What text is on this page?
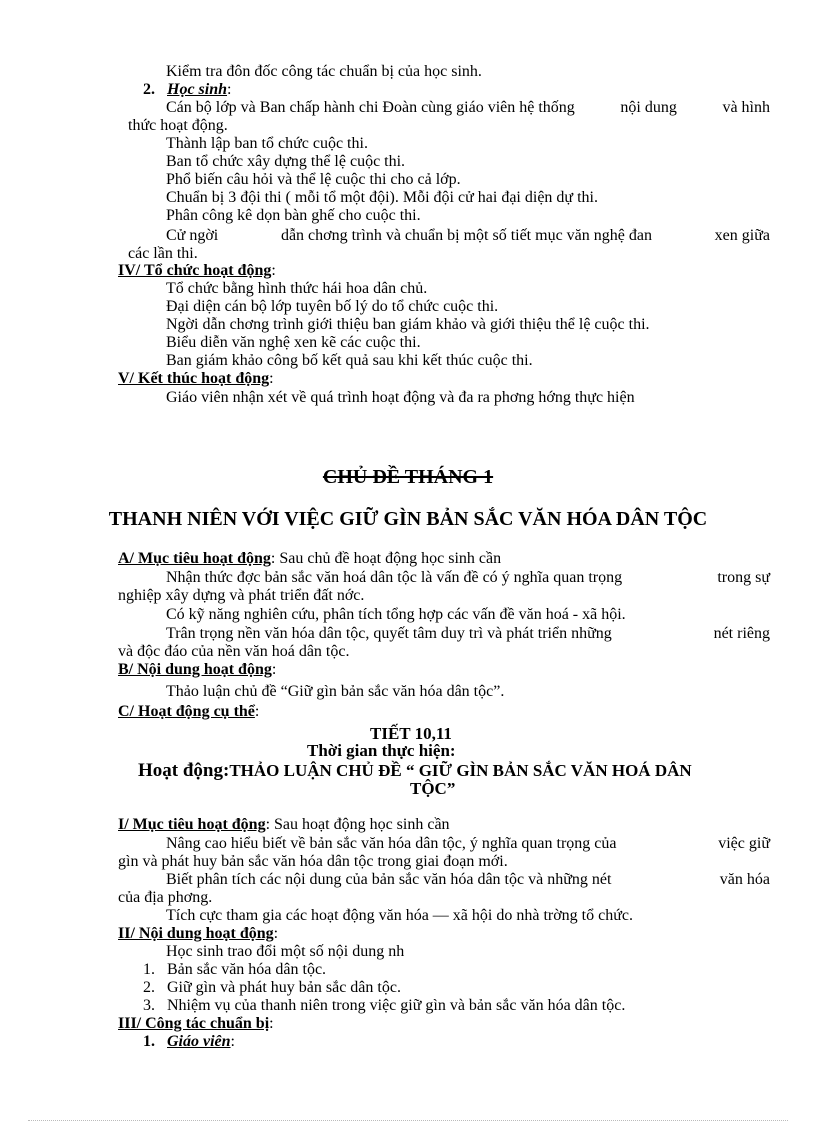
Kiểm tra đôn đốc công tác chuẩn bị của học sinh.
2. Học sinh:
Cán bộ lớp và Ban chấp hành chi Đoàn cùng giáo viên hệ thống	nội dung	và hình
thức hoạt động.
Thành lập ban tổ chức cuộc thi.
Ban tổ chức xây dựng thể lệ cuộc thi.
Phổ biến câu hỏi và thể lệ cuộc thi cho cả lớp.
Chuẩn bị 3 đội thi ( mỗi tổ một đội). Mỗi đội cử hai đại diện dự thi.
Phân công kê dọn bàn ghế cho cuộc thi.
Cử ngời	dẫn chơng trình và chuẩn bị một số tiết mục văn nghệ đan	xen giữa
các lần thi.
IV/ Tổ chức hoạt động:
Tổ chức bằng hình thức hái hoa dân chủ.
Đại diện cán bộ lớp tuyên bố lý do tổ chức cuộc thi.
Ngời dẫn chơng trình giới thiệu ban giám khảo và giới thiệu thể lệ cuộc thi.
Biểu diễn văn nghệ xen kẽ các cuộc thi.
Ban giám khảo công bố kết quả sau khi kết thúc cuộc thi.
V/ Kết thúc hoạt động:
Giáo viên nhận xét về quá trình hoạt động và đa ra phơng hớng thực hiện
CHỦ ĐỀ THÁNG 1
THANH NIÊN VỚI VIỆC GIỮ GÌN BẢN SẮC VĂN HÓA DÂN TỘC
A/ Mục tiêu hoạt động: Sau chủ đề hoạt động học sinh cần
Nhận thức đợc bản sắc văn hoá dân tộc là vấn đề có ý nghĩa quan trọng	trong sự
nghiệp xây dựng và phát triển đất nớc.
Có kỹ năng nghiên cứu, phân tích tổng hợp các vấn đề văn hoá - xã hội.
Trân trọng nền văn hóa dân tộc, quyết tâm duy trì và phát triển những	nét riêng
và độc đáo của nền văn hoá dân tộc.
B/ Nội dung hoạt động:
Thảo luận chủ đề “Giữ gìn bản sắc văn hóa dân tộc”.
C/ Hoạt động cụ thể:
TIẾT 10,11
Thời gian thực hiện:
Hoạt động:THẢO LUẬN CHỦ ĐỀ “ GIỮ GÌN BẢN SẮC VĂN HOÁ DÂN
TỘC”
I/ Mục tiêu hoạt động: Sau hoạt động học sinh cần
Nâng cao hiểu biết về bản sắc văn hóa dân tộc, ý nghĩa quan trọng của	việc giữ
gìn và phát huy bản sắc văn hóa dân tộc trong giai đoạn mới.
Biết phân tích các nội dung của bản sắc văn hóa dân tộc và những nét	văn hóa
của địa phơng.
Tích cực tham gia các hoạt động văn hóa — xã hội do nhà trờng tổ chức.
II/ Nội dung hoạt động:
Học sinh trao đổi một số nội dung nh
1. Bản sắc văn hóa dân tộc.
2. Giữ gìn và phát huy bản sắc dân tộc.
3. Nhiệm vụ của thanh niên trong việc giữ gìn và bản sắc văn hóa dân tộc.
III/ Công tác chuẩn bị:
1. Giáo viên:
